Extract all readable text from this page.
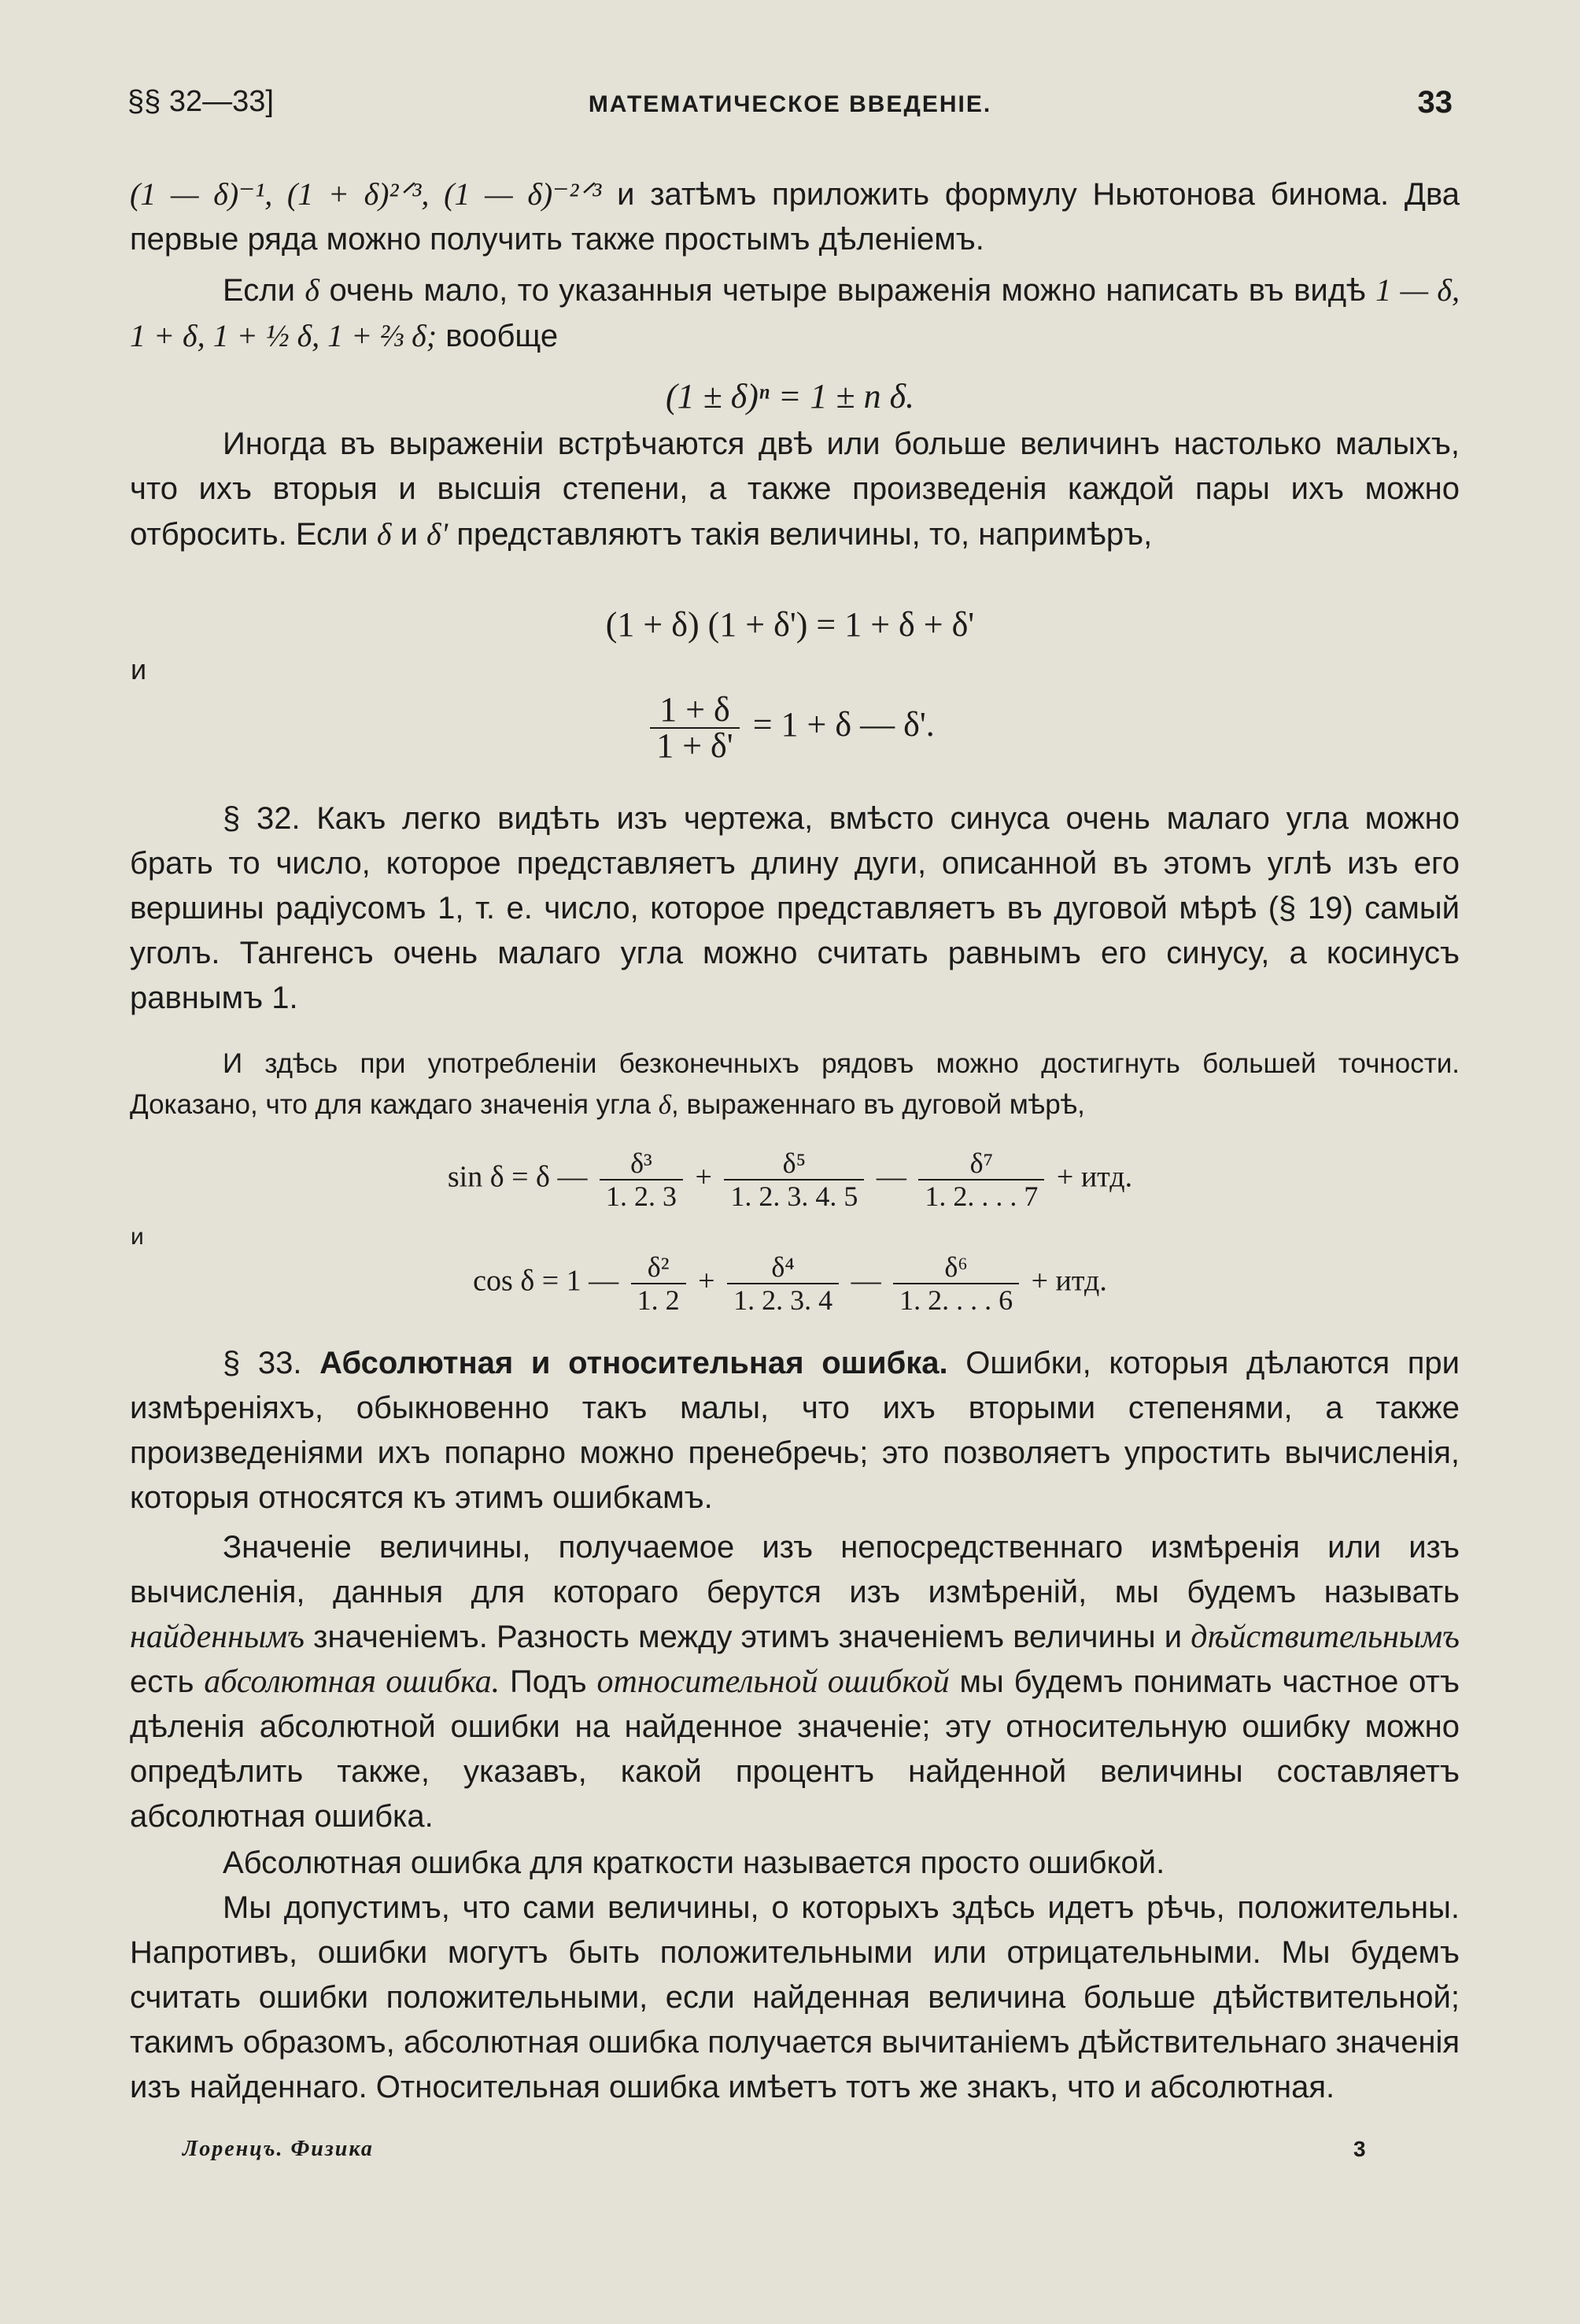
§§ 32—33]	МАТЕМАТИЧЕСКОЕ ВВЕДЕНІЕ.	33
(1 — δ)⁻¹, (1 + δ)²ᐟ³, (1 — δ)⁻²ᐟ³ и затѣмъ приложить формулу Ньютонова бинома. Два первые ряда можно получить также простымъ дѣленіемъ.
Если δ очень мало, то указанныя четыре выраженія можно написать въ видѣ 1 — δ, 1 + δ, 1 + ½ δ, 1 + ⅔ δ; вообще
(1 ± δ)ⁿ = 1 ± n δ.
Иногда въ выраженіи встрѣчаются двѣ или больше величинъ настолько малыхъ, что ихъ вторыя и высшія степени, а также произведенія каждой пары ихъ можно отбросить. Если δ и δ' представляютъ такія величины, то, напримѣръ,
(1 + δ) (1 + δ') = 1 + δ + δ'
и
$\frac{1 + \delta}{1 + \delta'} = 1 + \delta$ — δ'.
§ 32. Какъ легко видѣть изъ чертежа, вмѣсто синуса очень малаго угла можно брать то число, которое представляетъ длину дуги, описанной въ этомъ углѣ изъ его вершины радіусомъ 1, т. е. число, которое представляетъ въ дуговой мѣрѣ (§ 19) самый уголъ. Тангенсъ очень малаго угла можно считать равнымъ его синусу, а косинусъ равнымъ 1.
И здѣсь при употребленіи безконечныхъ рядовъ можно достигнуть большей точности. Доказано, что для каждаго значенія угла δ, выраженнаго въ дуговой мѣрѣ,
sin δ = δ — $\frac{\text{δ³}}{1. 2. 3} + \frac{\text{δ⁵}}{1. 2. 3. 4. 5}$ — $\frac{\text{δ⁷}}{1. 2. . . . 7}$ + итд.
и
cos δ = 1 — $\frac{\text{δ²}}{1. 2} + \frac{\text{δ⁴}}{1. 2. 3. 4}$ — $\frac{\text{δ⁶}}{1. 2. . . . 6}$ + итд.
§ 33. Абсолютная и относительная ошибка. Ошибки, которыя дѣлаются при измѣреніяхъ, обыкновенно такъ малы, что ихъ вторыми степенями, а также произведеніями ихъ попарно можно пренебречь; это позволяетъ упростить вычисленія, которыя относятся къ этимъ ошибкамъ.
Значеніе величины, получаемое изъ непосредственнаго измѣренія или изъ вычисленія, данныя для котораго берутся изъ измѣреній, мы будемъ называть найденнымъ значеніемъ. Разность между этимъ значеніемъ величины и дѣйствительнымъ есть абсолютная ошибка. Подъ относительной ошибкой мы будемъ понимать частное отъ дѣленія абсолютной ошибки на найденное значеніе; эту относительную ошибку можно опредѣлить также, указавъ, какой процентъ найденной величины составляетъ абсолютная ошибка.
Абсолютная ошибка для краткости называется просто ошибкой.
Мы допустимъ, что сами величины, о которыхъ здѣсь идетъ рѣчь, положительны. Напротивъ, ошибки могутъ быть положительными или отрицательными. Мы будемъ считать ошибки положительными, если найденная величина больше дѣйствительной; такимъ образомъ, абсолютная ошибка получается вычитаніемъ дѣйствительнаго значенія изъ найденнаго. Относительная ошибка имѣетъ тотъ же знакъ, что и абсолютная.
Лоренцъ. Физика	3
